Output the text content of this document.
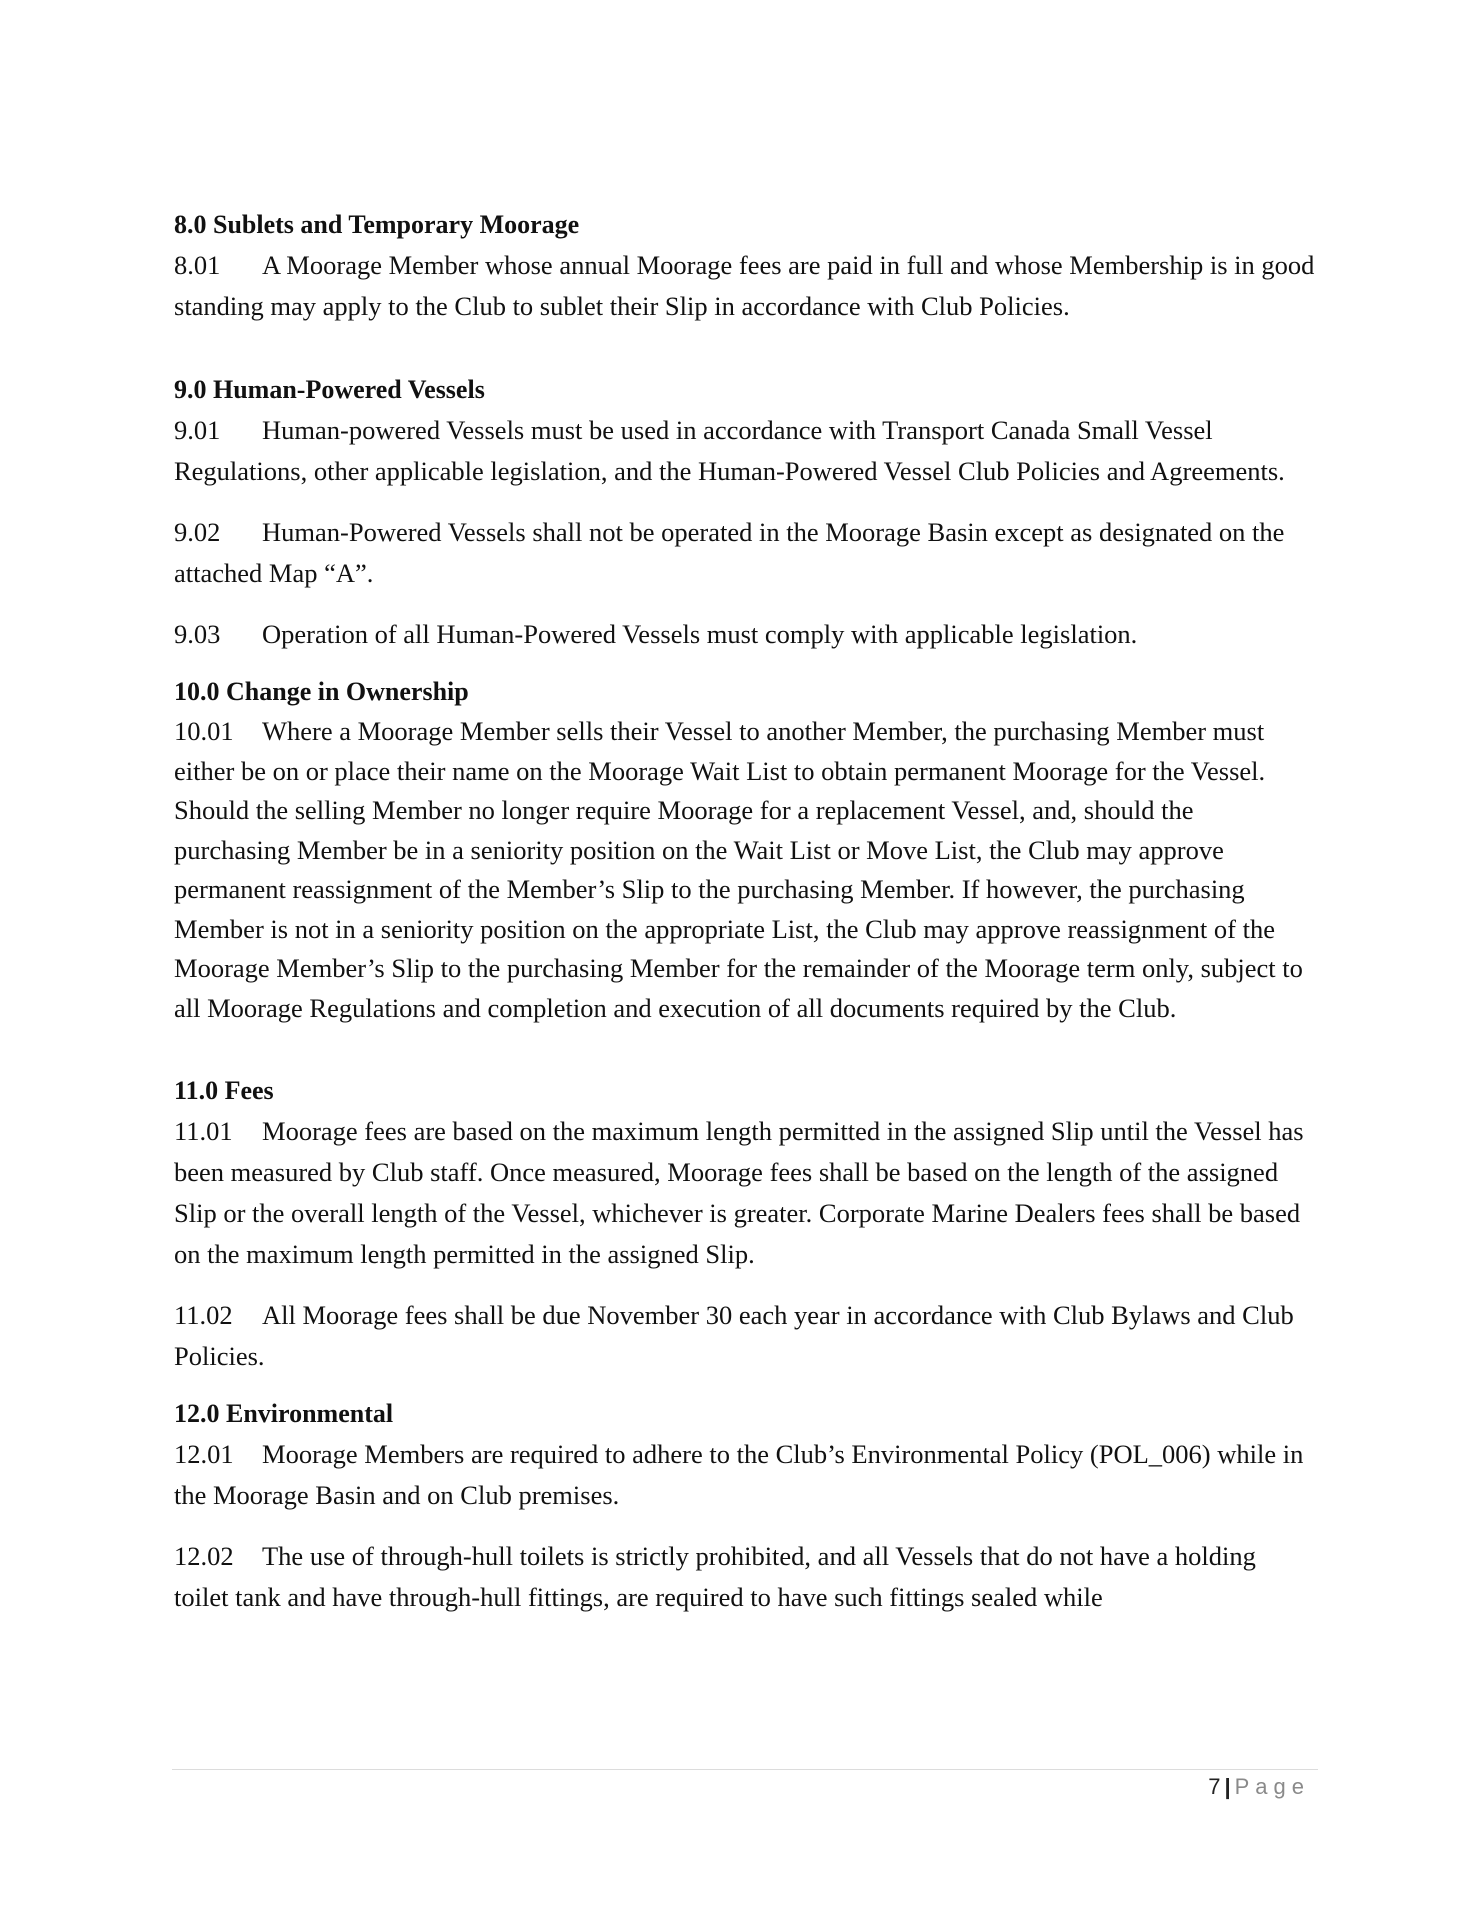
8.0 Sublets and Temporary Moorage

8.01 A Moorage Member whose annual Moorage fees are paid in full and whose Membership is in good standing may apply to the Club to sublet their Slip in accordance with Club Policies.

9.0 Human-Powered Vessels

9.01 Human-powered Vessels must be used in accordance with Transport Canada Small Vessel Regulations, other applicable legislation, and the Human-Powered Vessel Club Policies and Agreements.

9.02 Human-Powered Vessels shall not be operated in the Moorage Basin except as designated on the attached Map “A”.

9.03 Operation of all Human-Powered Vessels must comply with applicable legislation.

10.0 Change in Ownership

10.01 Where a Moorage Member sells their Vessel to another Member, the purchasing Member must either be on or place their name on the Moorage Wait List to obtain permanent Moorage for the Vessel. Should the selling Member no longer require Moorage for a replacement Vessel, and, should the purchasing Member be in a seniority position on the Wait List or Move List, the Club may approve permanent reassignment of the Member’s Slip to the purchasing Member. If however, the purchasing Member is not in a seniority position on the appropriate List, the Club may approve reassignment of the Moorage Member’s Slip to the purchasing Member for the remainder of the Moorage term only, subject to all Moorage Regulations and completion and execution of all documents required by the Club.

11.0 Fees

11.01 Moorage fees are based on the maximum length permitted in the assigned Slip until the Vessel has been measured by Club staff. Once measured, Moorage fees shall be based on the length of the assigned Slip or the overall length of the Vessel, whichever is greater. Corporate Marine Dealers fees shall be based on the maximum length permitted in the assigned Slip.

11.02 All Moorage fees shall be due November 30 each year in accordance with Club Bylaws and Club Policies.

12.0 Environmental

12.01 Moorage Members are required to adhere to the Club’s Environmental Policy (POL_006) while in the Moorage Basin and on Club premises.

12.02 The use of through-hull toilets is strictly prohibited, and all Vessels that do not have a holding toilet tank and have through-hull fittings, are required to have such fittings sealed while

7 | Page
